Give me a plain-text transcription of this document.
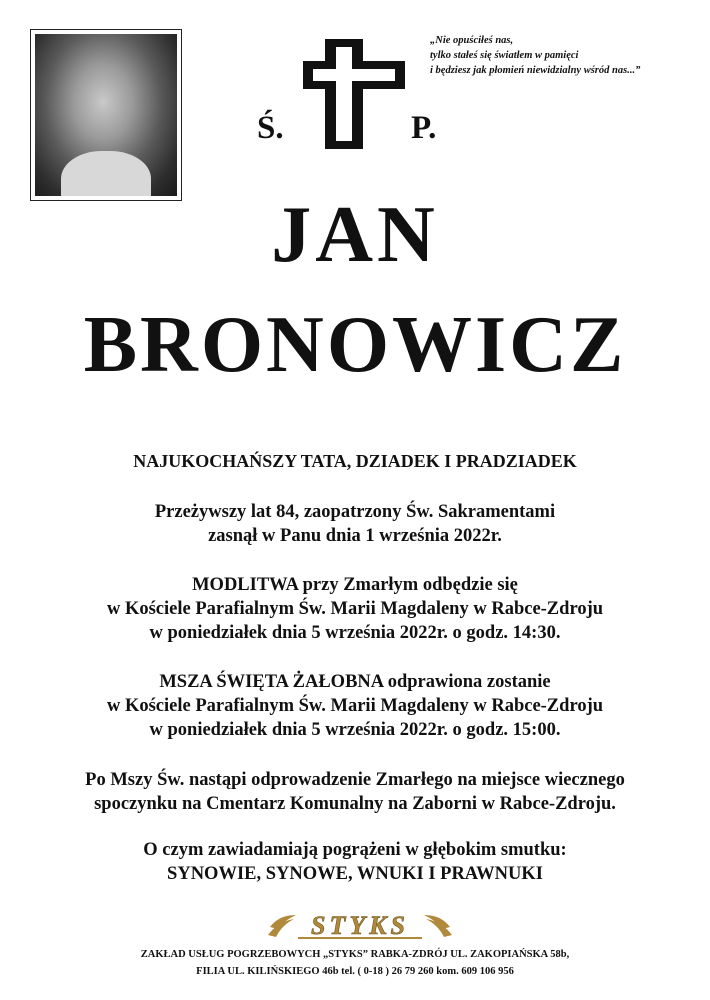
„Nie opuściłeś nas,
tylko stałeś się światłem w pamięci
i będziesz jak płomień niewidzialny wśród nas...”
Ś.	P.
JAN
BRONOWICZ
NAJUKOCHAŃSZY TATA, DZIADEK I PRADZIADEK
Przeżywszy lat 84, zaopatrzony Św. Sakramentami
zasnął w Panu dnia 1 września 2022r.
MODLITWA przy Zmarłym odbędzie się
w Kościele Parafialnym Św. Marii Magdaleny w Rabce-Zdroju
w poniedziałek dnia 5 września 2022r. o godz. 14:30.
MSZA ŚWIĘTA ŻAŁOBNA odprawiona zostanie
w Kościele Parafialnym Św. Marii Magdaleny w Rabce-Zdroju
w poniedziałek dnia 5 września 2022r. o godz. 15:00.
Po Mszy Św. nastąpi odprowadzenie Zmarłego na miejsce wiecznego
spoczynku na Cmentarz Komunalny na Zaborni w Rabce-Zdroju.
O czym zawiadamiają pogrążeni w głębokim smutku:
SYNOWIE, SYNOWE, WNUKI I PRAWNUKI
STYKS
ZAKŁAD USŁUG POGRZEBOWYCH „STYKS” RABKA-ZDRÓJ UL. ZAKOPIAŃSKA 58b,
FILIA UL. KILIŃSKIEGO 46b tel. ( 0-18 ) 26 79 260 kom. 609 106 956
